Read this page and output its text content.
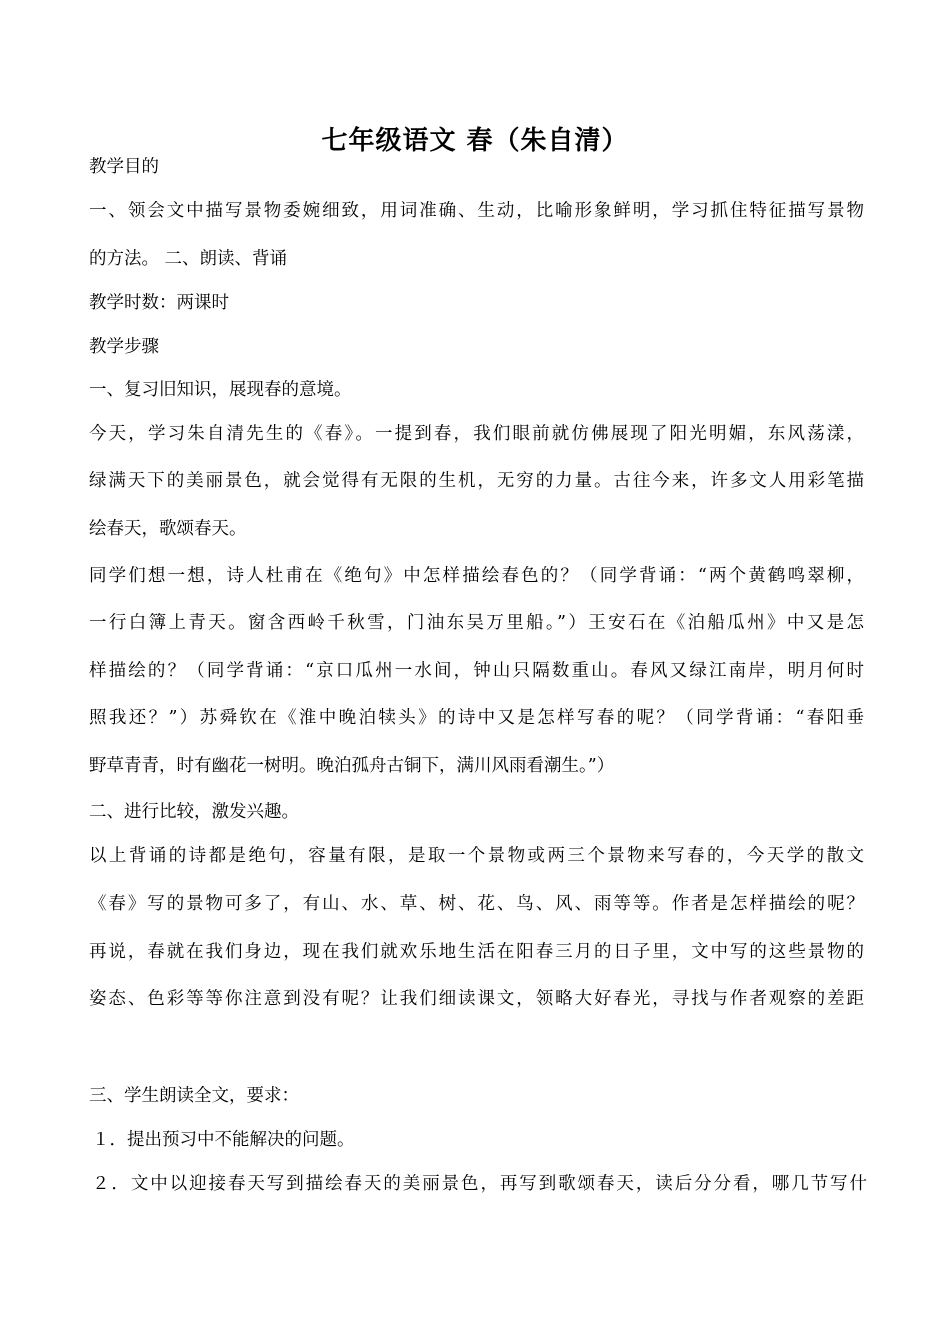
七年级语文 春（朱自清）

教学目的

一、领会文中描写景物委婉细致，用词准确、生动，比喻形象鲜明，学习抓住特征描写景物

的方法。 二、朗读、背诵

教学时数：两课时

教学步骤

一、复习旧知识，展现春的意境。

今天，学习朱自清先生的《春》。一提到春，我们眼前就仿佛展现了阳光明媚，东风荡漾，

绿满天下的美丽景色，就会觉得有无限的生机，无穷的力量。古往今来，许多文人用彩笔描

绘春天，歌颂春天。

同学们想一想，诗人杜甫在《绝句》中怎样描绘春色的？（同学背诵：“两个黄鹤鸣翠柳，

一行白簿上青天。窗含西岭千秋雪，门油东吴万里船。”）王安石在《泊船瓜州》中又是怎

样描绘的？（同学背诵：“京口瓜州一水间，钟山只隔数重山。春风又绿江南岸，明月何时

照我还？”）苏舜钦在《淮中晚泊犊头》的诗中又是怎样写春的呢？（同学背诵：“春阳垂

野草青青，时有幽花一树明。晚泊孤舟古铜下，满川风雨看潮生。”）

二、进行比较，激发兴趣。

以上背诵的诗都是绝句，容量有限，是取一个景物或两三个景物来写春的，今天学的散文

《春》写的景物可多了，有山、水、草、树、花、鸟、风、雨等等。作者是怎样描绘的呢？

再说，春就在我们身边，现在我们就欢乐地生活在阳春三月的日子里，文中写的这些景物的

姿态、色彩等等你注意到没有呢？让我们细读课文，领略大好春光，寻找与作者观察的差距

三、学生朗读全文，要求：

１．提出预习中不能解决的问题。

２．文中以迎接春天写到描绘春天的美丽景色，再写到歌颂春天，读后分分看，哪几节写什
